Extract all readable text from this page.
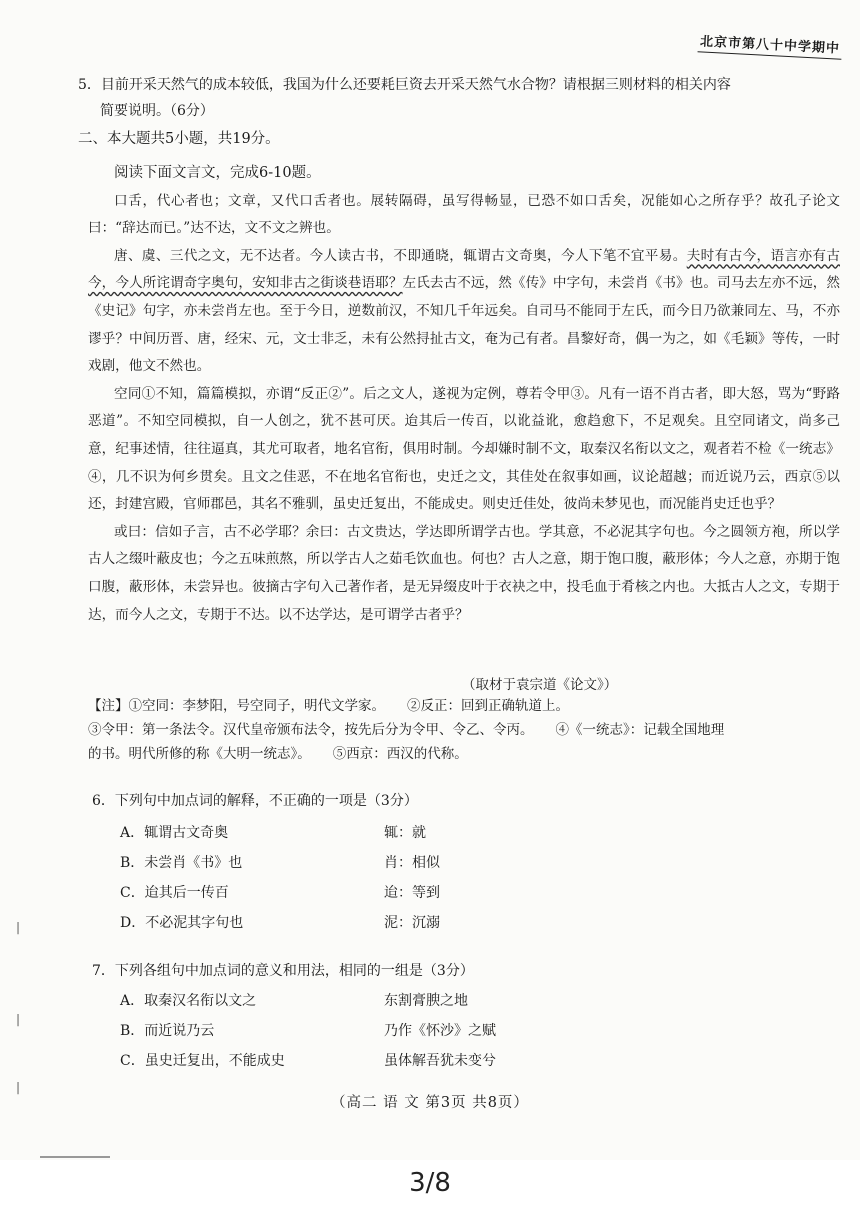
北京市第八十中学期中
5．目前开采天然气的成本较低，我国为什么还要耗巨资去开采天然气水合物？请根据三则材料的相关内容
简要说明。（6分）
二、本大题共5小题，共19分。

阅读下面文言文，完成6-10题。

口舌，代心者也；文章，又代口舌者也。展转隔碍，虽写得畅显，已恐不如口舌矣，况能如心之所存乎？故孔子论文曰：“辞达而已。”达不达，文不文之辨也。

唐、虞、三代之文，无不达者。今人读古书，不即通晓，辄谓古文奇奥，今人下笔不宜平易。夫时有古今，语言亦有古今，今人所诧谓奇字奥句，安知非古之街谈巷语耶？左氏去古不远，然《传》中字句，未尝肖《书》也。司马去左亦不远，然《史记》句字，亦未尝肖左也。至于今日，逆数前汉，不知几千年远矣。自司马不能同于左氏，而今日乃欲兼同左、马，不亦谬乎？中间历晋、唐，经宋、元，文士非乏，未有公然挦扯古文，奄为己有者。昌黎好奇，偶一为之，如《毛颖》等传，一时戏剧，他文不然也。

空同①不知，篇篇模拟，亦谓“反正②”。后之文人，遂视为定例，尊若令甲③。凡有一语不肖古者，即大怒，骂为“野路恶道”。不知空同模拟，自一人创之，犹不甚可厌。迨其后一传百，以讹益讹，愈趋愈下，不足观矣。且空同诸文，尚多己意，纪事述情，往往逼真，其尤可取者，地名官衔，俱用时制。今却嫌时制不文，取秦汉名衔以文之，观者若不检《一统志》④，几不识为何乡贯矣。且文之佳恶，不在地名官衔也，史迁之文，其佳处在叙事如画，议论超越；而近说乃云，西京⑤以还，封建宫殿，官师郡邑，其名不雅驯，虽史迁复出，不能成史。则史迁佳处，彼尚未梦见也，而况能肖史迁也乎？

或曰：信如子言，古不必学耶？余曰：古文贵达，学达即所谓学古也。学其意，不必泥其字句也。今之圆领方袍，所以学古人之缀叶蔽皮也；今之五味煎熬，所以学古人之茹毛饮血也。何也？古人之意，期于饱口腹，蔽形体；今人之意，亦期于饱口腹，蔽形体，未尝异也。彼摘古字句入己著作者，是无异缀皮叶于衣袂之中，投毛血于肴核之内也。大抵古人之文，专期于达，而今人之文，专期于不达。以不达学达，是可谓学古者乎？

（取材于袁宗道《论文》）

【注】①空同：李梦阳，号空同子，明代文学家。 ②反正：回到正确轨道上。

③令甲：第一条法令。汉代皇帝颁布法令，按先后分为令甲、令乙、令丙。 ④《一统志》：记载全国地理

的书。明代所修的称《大明一统志》。 ⑤西京：西汉的代称。

6．下列句中加点词的解释，不正确的一项是（3分）
A．辄谓古文奇奥	辄：就
B．未尝肖《书》也	肖：相似
C．迨其后一传百	迨：等到
D．不必泥其字句也	泥：沉溺
7．下列各组句中加点词的意义和用法，相同的一组是（3分）
A．取秦汉名衔以文之	东割膏腴之地
B．而近说乃云	乃作《怀沙》之赋
C．虽史迁复出，不能成史	虽体解吾犹未变兮
（高二 语 文 第3页 共8页）
|
|
|
3/8
